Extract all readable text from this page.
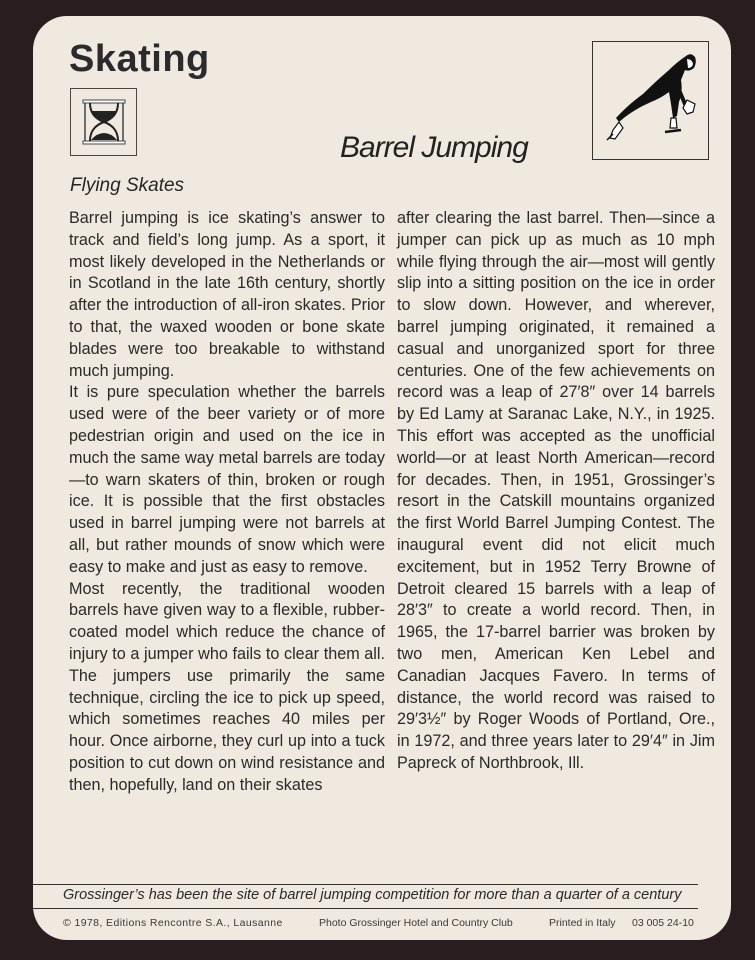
Skating
Barrel Jumping
Flying Skates

Barrel jumping is ice skating’s answer to track and field’s long jump. As a sport, it most likely developed in the Netherlands or in Scotland in the late 16th century, shortly after the introduction of all-iron skates. Prior to that, the waxed wooden or bone skate blades were too breakable to withstand much jumping.

It is pure speculation whether the barrels used were of the beer variety or of more pedestrian origin and used on the ice in much the same way metal barrels are today—to warn skaters of thin, broken or rough ice. It is possible that the first obstacles used in barrel jumping were not barrels at all, but rather mounds of snow which were easy to make and just as easy to remove.

Most recently, the traditional wooden barrels have given way to a flexible, rubber-coated model which reduce the chance of injury to a jumper who fails to clear them all. The jumpers use primarily the same technique, circling the ice to pick up speed, which sometimes reaches 40 miles per hour. Once airborne, they curl up into a tuck position to cut down on wind resistance and then, hopefully, land on their skates

after clearing the last barrel. Then—since a jumper can pick up as much as 10 mph while flying through the air—most will gently slip into a sitting position on the ice in order to slow down. However, and wherever, barrel jumping originated, it remained a casual and unorganized sport for three centuries. One of the few achievements on record was a leap of 27′8″ over 14 barrels by Ed Lamy at Saranac Lake, N.Y., in 1925. This effort was accepted as the unofficial world—or at least North American—record for decades. Then, in 1951, Grossinger’s resort in the Catskill mountains organized the first World Barrel Jumping Contest. The inaugural event did not elicit much excitement, but in 1952 Terry Browne of Detroit cleared 15 barrels with a leap of 28′3″ to create a world record. Then, in 1965, the 17-barrel barrier was broken by two men, American Ken Lebel and Canadian Jacques Favero. In terms of distance, the world record was raised to 29′3½″ by Roger Woods of Portland, Ore., in 1972, and three years later to 29′4″ in Jim Papreck of Northbrook, Ill.

Grossinger’s has been the site of barrel jumping competition for more than a quarter of a century
© 1978, Editions Rencontre S.A., Lausanne	Photo Grossinger Hotel and Country Club	Printed in Italy 03 005 24-10
